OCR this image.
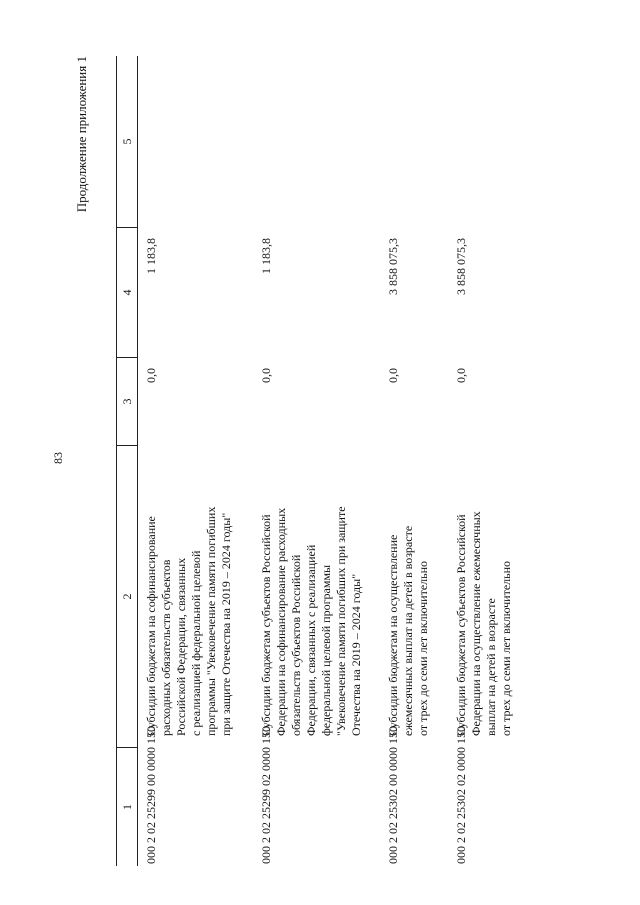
83
Продолжение приложения 1
1
2
3
4
5
000 2 02 25299 00 0000 150
Субсидии бюджетам на софинансирование расходных обязательств субъектов Российской Федерации, связанных с реализацией федеральной целевой программы "Увековечение памяти погибших при защите Отечества на 2019 – 2024 годы"
0,0
1 183,8
000 2 02 25299 02 0000 150
Субсидии бюджетам субъектов Российской Федерации на софинансирование расходных обязательств субъектов Российской Федерации, связанных с реализацией федеральной целевой программы "Увековечение памяти погибших при защите Отечества на 2019 – 2024 годы"
0,0
1 183,8
000 2 02 25302 00 0000 150
Субсидии бюджетам на осуществление ежемесячных выплат на детей в возрасте от трех до семи лет включительно
0,0
3 858 075,3
000 2 02 25302 02 0000 150
Субсидии бюджетам субъектов Российской Федерации на осуществление ежемесячных выплат на детей в возрасте от трех до семи лет включительно
0,0
3 858 075,3
